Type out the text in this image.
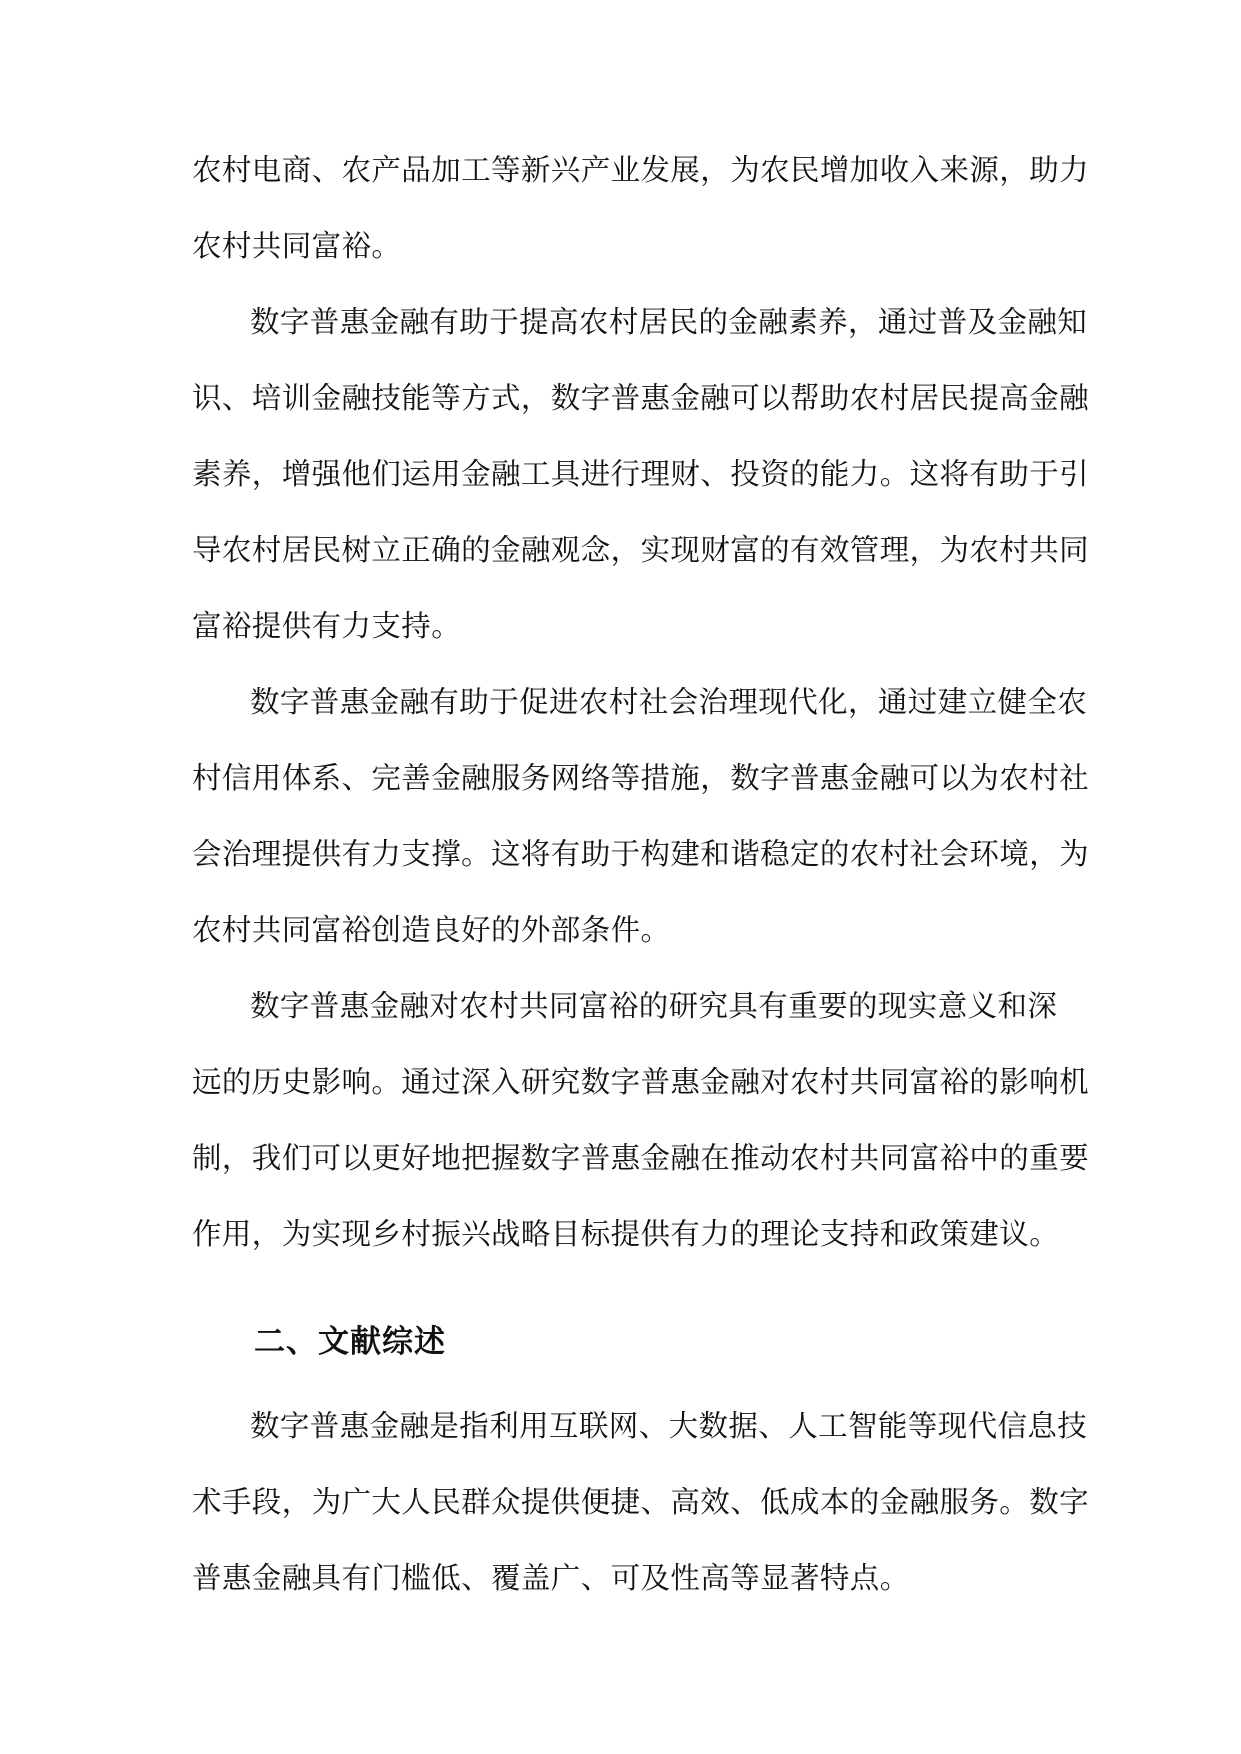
农村电商、农产品加工等新兴产业发展，为农民增加收入来源，助力
农村共同富裕。
数字普惠金融有助于提高农村居民的金融素养，通过普及金融知
识、培训金融技能等方式，数字普惠金融可以帮助农村居民提高金融
素养，增强他们运用金融工具进行理财、投资的能力。这将有助于引
导农村居民树立正确的金融观念，实现财富的有效管理，为农村共同
富裕提供有力支持。
数字普惠金融有助于促进农村社会治理现代化，通过建立健全农
村信用体系、完善金融服务网络等措施，数字普惠金融可以为农村社
会治理提供有力支撑。这将有助于构建和谐稳定的农村社会环境，为
农村共同富裕创造良好的外部条件。
数字普惠金融对农村共同富裕的研究具有重要的现实意义和深
远的历史影响。通过深入研究数字普惠金融对农村共同富裕的影响机
制，我们可以更好地把握数字普惠金融在推动农村共同富裕中的重要
作用，为实现乡村振兴战略目标提供有力的理论支持和政策建议。
二、文献综述
数字普惠金融是指利用互联网、大数据、人工智能等现代信息技
术手段，为广大人民群众提供便捷、高效、低成本的金融服务。数字
普惠金融具有门槛低、覆盖广、可及性高等显著特点。
